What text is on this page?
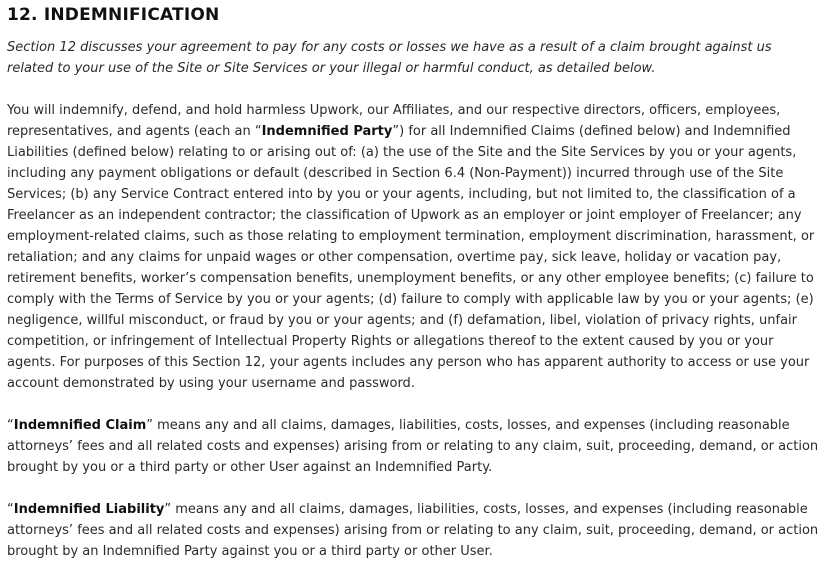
12. INDEMNIFICATION

Section 12 discusses your agreement to pay for any costs or losses we have as a result of a claim brought against us related to your use of the Site or Site Services or your illegal or harmful conduct, as detailed below.

You will indemnify, defend, and hold harmless Upwork, our Affiliates, and our respective directors, officers, employees, representatives, and agents (each an “Indemnified Party”) for all Indemnified Claims (defined below) and Indemnified Liabilities (defined below) relating to or arising out of: (a) the use of the Site and the Site Services by you or your agents, including any payment obligations or default (described in Section 6.4 (Non-Payment)) incurred through use of the Site Services; (b) any Service Contract entered into by you or your agents, including, but not limited to, the classification of a Freelancer as an independent contractor; the classification of Upwork as an employer or joint employer of Freelancer; any employment-related claims, such as those relating to employment termination, employment discrimination, harassment, or retaliation; and any claims for unpaid wages or other compensation, overtime pay, sick leave, holiday or vacation pay, retirement benefits, worker’s compensation benefits, unemployment benefits, or any other employee benefits; (c) failure to comply with the Terms of Service by you or your agents; (d) failure to comply with applicable law by you or your agents; (e) negligence, willful misconduct, or fraud by you or your agents; and (f) defamation, libel, violation of privacy rights, unfair competition, or infringement of Intellectual Property Rights or allegations thereof to the extent caused by you or your agents. For purposes of this Section 12, your agents includes any person who has apparent authority to access or use your account demonstrated by using your username and password.

“Indemnified Claim” means any and all claims, damages, liabilities, costs, losses, and expenses (including reasonable attorneys’ fees and all related costs and expenses) arising from or relating to any claim, suit, proceeding, demand, or action brought by you or a third party or other User against an Indemnified Party.

“Indemnified Liability” means any and all claims, damages, liabilities, costs, losses, and expenses (including reasonable attorneys’ fees and all related costs and expenses) arising from or relating to any claim, suit, proceeding, demand, or action brought by an Indemnified Party against you or a third party or other User.
